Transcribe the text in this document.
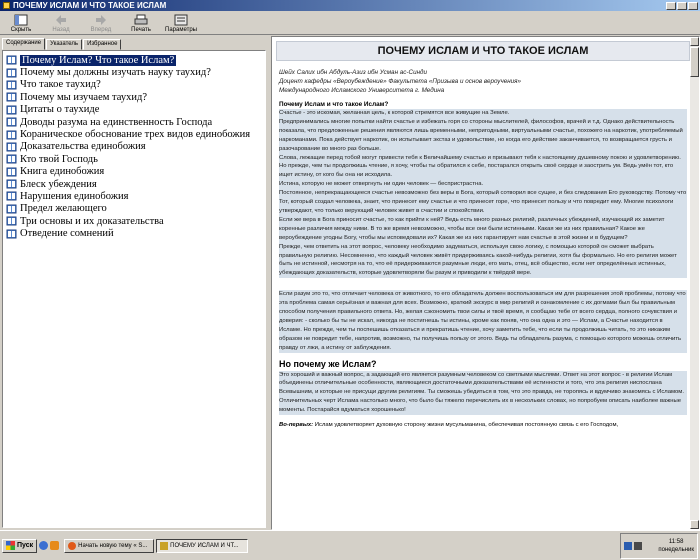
ПОЧЕМУ ИСЛАМ И ЧТО ТАКОЕ ИСЛАМ
Скрыть	Назад	Вперед	Печать Параметры
Содержание	Указатель	Избранное
Почему Ислам? Что такое Ислам?
Почему мы должны изучать науку таухид?
Что такое таухид?
Почему мы изучаем таухид?
Цитаты о таухиде
Доводы разума на единственность Господа
Кораническое обоснование трех видов единобожия
Доказательства единобожия
Кто твой Господь
Книга единобожия
Блеск убеждения
Нарушения единобожия
Предел желающего
Три основы и их доказательства
Отведение сомнений
ПОЧЕМУ ИСЛАМ И ЧТО ТАКОЕ ИСЛАМ
Шейх Салих ибн Абдуль-Азиз ибн Усман ас-Синди
Доцент кафедры «Вероубеждение» Факультета «Призыва и основ вероучения»
Международного Исламского Университета г. Медина
Почему Ислам и что такое Ислам?
Счастье - это искомая, желанная цель, к которой стремятся все живущие на Земле.
Предпринимались многие попытки найти счастье и избежать горя со стороны мыслителей, философов, врачей и т.д. Однако действительность показала, что предложенные решения являются лишь временными, непригодными, виртуальными счастье, похожего на наркотик, употребляемый наркоманами. Пока действует наркотик, он испытывает экстаз и удовольствие, но когда его действие заканчивается, то возвращается грусть и разочарование во много раз больше.
Слова, лежащие перед тобой могут привести тебя к Величайшему счастью и призывают тебя к настоящему душевному покою и удовлетворению. Но прежде, чем ты продолжишь чтение, я хочу, чтобы ты обратился к себе, постарался открыть своё сердце и заострить ум. Ведь умён тот, кто ищет истину, от кого бы она ни исходила.
Истина, которую не может отвергнуть ни один человек — беспристрастна.
Постоянное, непрекращающееся счастье невозможно без веры в Бога, который сотворил все сущее, и без следования Его руководству. Потому что Тот, который создал человека, знает, что принесет ему счастье и что принесет горе, что принесет пользу и что повредит ему. Многие психологи утверждают, что только верующий человек живет в счастии и спокойствии.
Если же вера в Бога приносит счастье, то как прийти к ней? Ведь есть много разных религий, различных убеждений, изучающий их заметит коренные различия между ними. В то же время невозможно, чтобы все они были истинными. Какая же из них правильная? Какое же вероубеждение угодны Богу, чтобы мы исповедовали их? Какая же из них гарантирует нам счастье в этой жизни и в будущем?
Прежде, чем ответить на этот вопрос, человеку необходимо задуматься, используя свою логику, с помощью которой он сможет выбрать правильную религию. Несомненно, что каждый человек живёт придерживаясь какой-нибудь религии, хотя бы формально. Но его религия может быть не истинной, несмотря на то, что её придерживаются разумные люди, его мать, отец, всё общество, если нет определённых истинных, убеждающих доказательств, которые удовлетворяли бы разум и приводили к твёрдой вере.
Если разум это то, что отличает человека от животного, то его обладатель должен воспользоваться им для разрешения этой проблемы, потому что эта проблема самая серьёзная и важная для всех. Возможно, краткий экскурс в мир религий и ознакомление с их догмами был бы правильным способом получения правильного ответа. Но, желая сэкономить твои силы и твоё время, я сообщаю тебе от всего сердца, полного сочувствия и доверия: - сколько бы ты не искал, никогда не постигнешь ты истины, кроме как поняв, что она одна и это — Ислам, а Счастье находится в Исламе. Но прежде, чем ты поспешишь отказаться и прекратишь чтение, хочу заметить тебе, что если ты продолжишь читать, то это никаким образом не повредит тебе, напротив, возможно, ты получишь пользу от этого. Ведь ты обладатель разума, с помощью которого можешь отличить правду от лжи, а истину от заблуждения.
Но почему же Ислам?
Это хороший и важный вопрос, а задающий его является разумным человеком со светлыми мыслями. Ответ на этот вопрос - в религии Ислам объединены отличительные особенности, являющиеся достаточными доказательствами её истинности и того, что эта религия ниспослана Всевышним, и которые не присущи другим религиям. Ты сможешь убедиться в том, что это правда, не торопясь и вдумчиво знакомясь с Исламом.
Отличительных черт Ислама настолько много, что было бы тяжело перечислить их в нескольких словах, но попробуем описать наиболее важные моменты. Постарайся вдуматься хорошенько!
Во-первых: Ислам удовлетворяет духовную сторону жизни мусульманина, обеспечивая постоянную связь с его Господом,
Пуск	Начать новую тему « S...	ПОЧЕМУ ИСЛАМ И ЧТ...
11:58
понедельник
